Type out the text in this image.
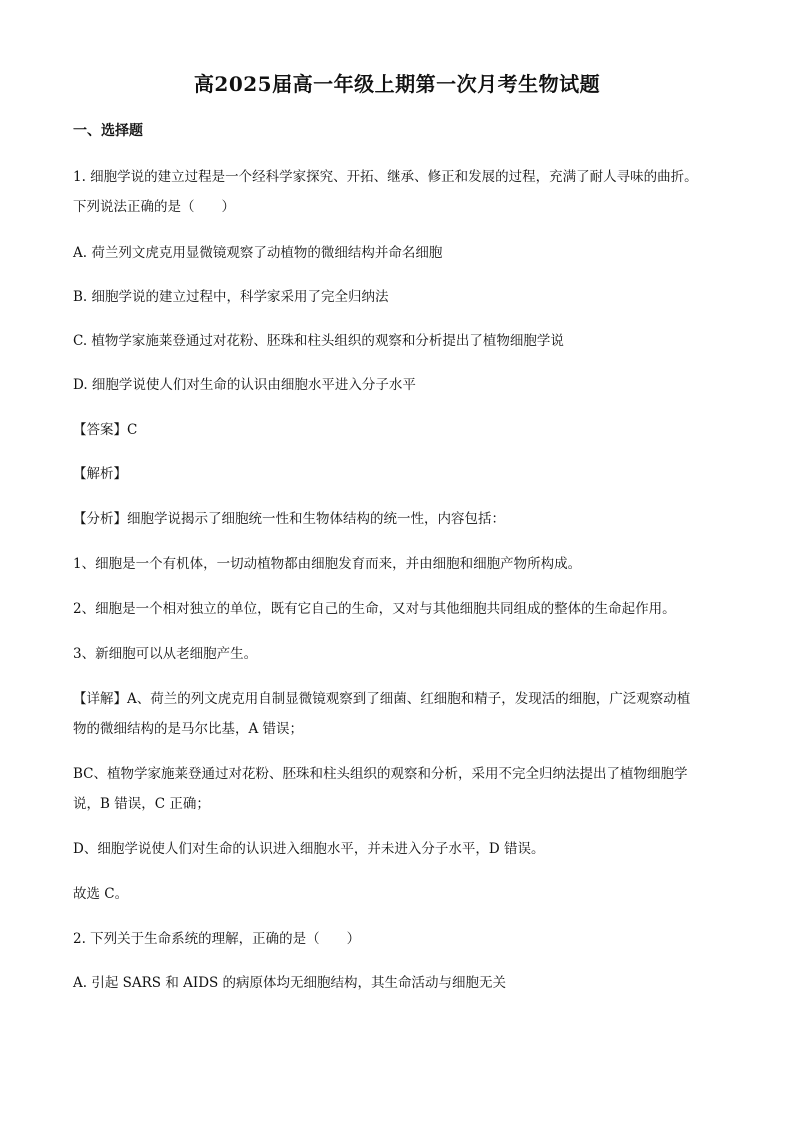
高2025届高一年级上期第一次月考生物试题
一、选择题
1. 细胞学说的建立过程是一个经科学家探究、开拓、继承、修正和发展的过程，充满了耐人寻味的曲折。
下列说法正确的是（　　）
A. 荷兰列文虎克用显微镜观察了动植物的微细结构并命名细胞
B. 细胞学说的建立过程中，科学家采用了完全归纳法
C. 植物学家施莱登通过对花粉、胚珠和柱头组织的观察和分析提出了植物细胞学说
D. 细胞学说使人们对生命的认识由细胞水平进入分子水平
【答案】C
【解析】
【分析】细胞学说揭示了细胞统一性和生物体结构的统一性，内容包括：
1、细胞是一个有机体，一切动植物都由细胞发育而来，并由细胞和细胞产物所构成。
2、细胞是一个相对独立的单位，既有它自己的生命，又对与其他细胞共同组成的整体的生命起作用。
3、新细胞可以从老细胞产生。
【详解】A、荷兰的列文虎克用自制显微镜观察到了细菌、红细胞和精子，发现活的细胞，广泛观察动植
物的微细结构的是马尔比基，A 错误；
BC、植物学家施莱登通过对花粉、胚珠和柱头组织的观察和分析，采用不完全归纳法提出了植物细胞学
说，B 错误，C 正确；
D、细胞学说使人们对生命的认识进入细胞水平，并未进入分子水平，D 错误。
故选 C。
2. 下列关于生命系统的理解，正确的是（　　）
A. 引起 SARS 和 AIDS 的病原体均无细胞结构，其生命活动与细胞无关
